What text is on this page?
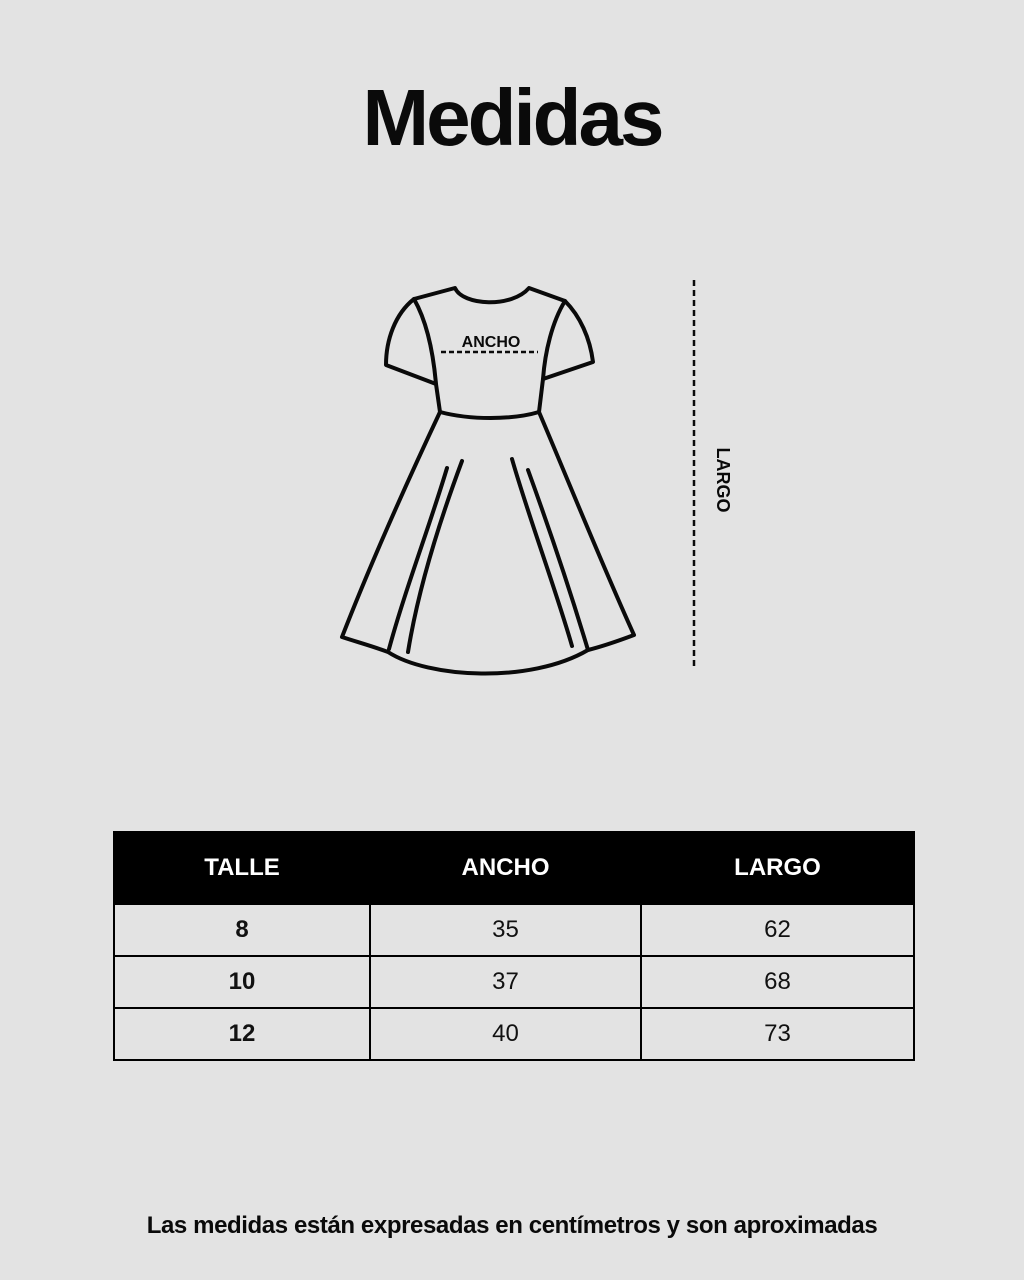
Medidas
ANCHO
LARGO
TALLE	ANCHO	LARGO
8	35	62
10	37	68
12	40	73

Las medidas están expresadas en centímetros y son aproximadas
